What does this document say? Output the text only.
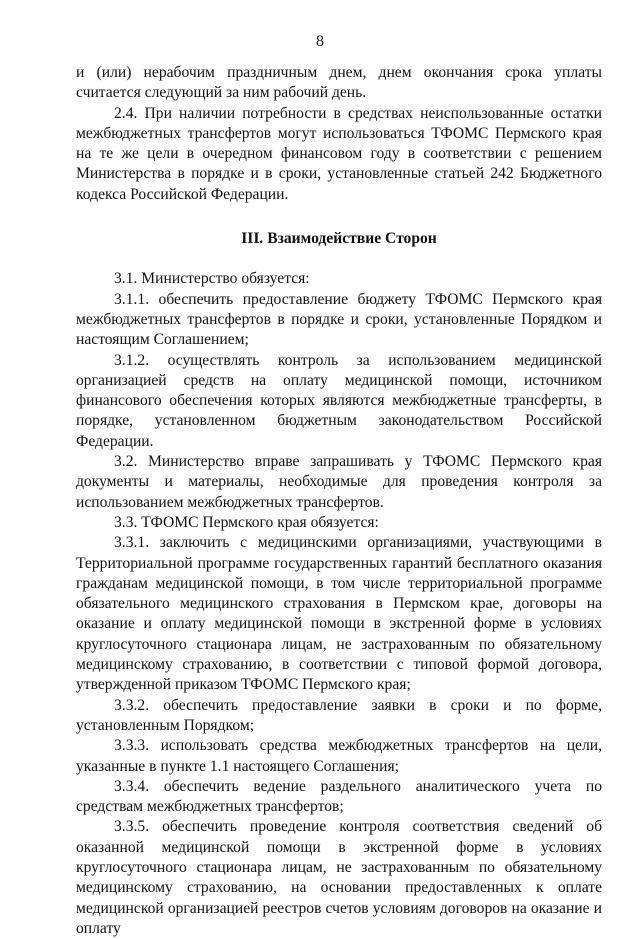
8

и (или) нерабочим праздничным днем, днем окончания срока уплаты считается следующий за ним рабочий день.

2.4. При наличии потребности в средствах неиспользованные остатки межбюджетных трансфертов могут использоваться ТФОМС Пермского края на те же цели в очередном финансовом году в соответствии с решением Министерства в порядке и в сроки, установленные статьей 242 Бюджетного кодекса Российской Федерации.

III. Взаимодействие Сторон

3.1. Министерство обязуется:

3.1.1. обеспечить предоставление бюджету ТФОМС Пермского края межбюджетных трансфертов в порядке и сроки, установленные Порядком и настоящим Соглашением;

3.1.2. осуществлять контроль за использованием медицинской организацией средств на оплату медицинской помощи, источником финансового обеспечения которых являются межбюджетные трансферты, в порядке, установленном бюджетным законодательством Российской Федерации.

3.2. Министерство вправе запрашивать у ТФОМС Пермского края документы и материалы, необходимые для проведения контроля за использованием межбюджетных трансфертов.

3.3. ТФОМС Пермского края обязуется:

3.3.1. заключить с медицинскими организациями, участвующими в Территориальной программе государственных гарантий бесплатного оказания гражданам медицинской помощи, в том числе территориальной программе обязательного медицинского страхования в Пермском крае, договоры на оказание и оплату медицинской помощи в экстренной форме в условиях круглосуточного стационара лицам, не застрахованным по обязательному медицинскому страхованию, в соответствии с типовой формой договора, утвержденной приказом ТФОМС Пермского края;

3.3.2. обеспечить предоставление заявки в сроки и по форме, установленным Порядком;

3.3.3. использовать средства межбюджетных трансфертов на цели, указанные в пункте 1.1 настоящего Соглашения;

3.3.4. обеспечить ведение раздельного аналитического учета по средствам межбюджетных трансфертов;

3.3.5. обеспечить проведение контроля соответствия сведений об оказанной медицинской помощи в экстренной форме в условиях круглосуточного стационара лицам, не застрахованным по обязательному медицинскому страхованию, на основании предоставленных к оплате медицинской организацией реестров счетов условиям договоров на оказание и оплату
